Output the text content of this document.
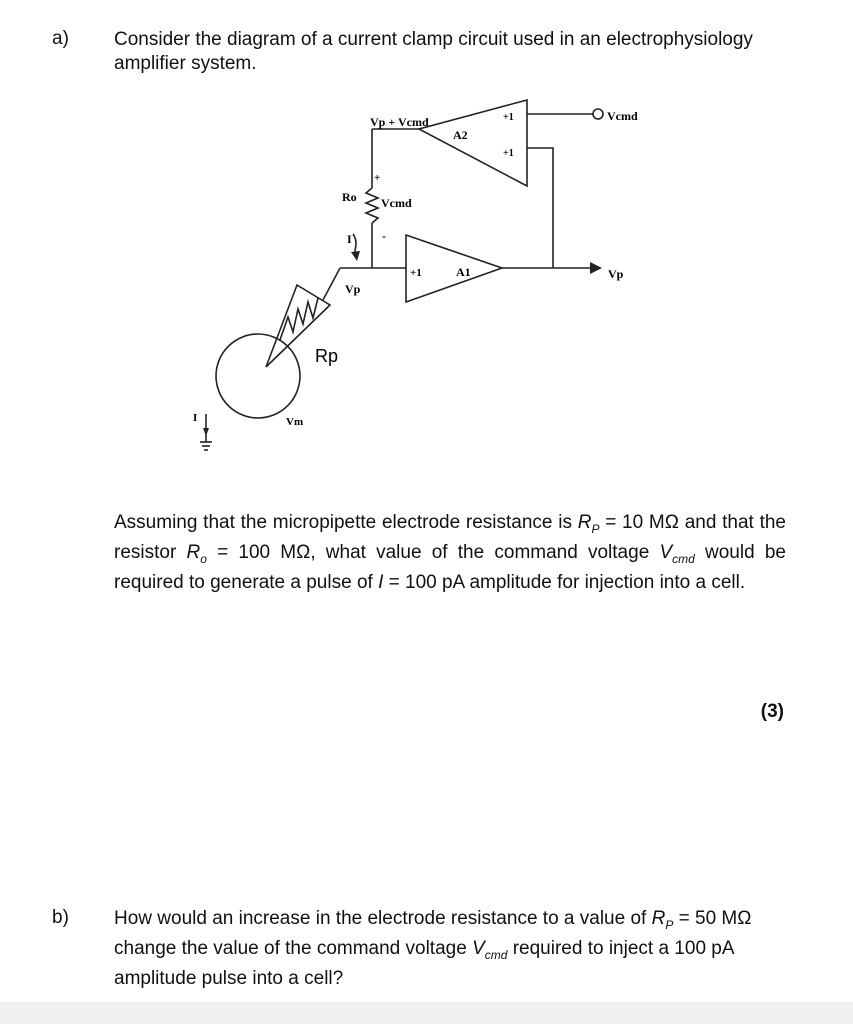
a) Consider the diagram of a current clamp circuit used in an electrophysiology amplifier system.
Vp + Vcmd
A2
+1
+1
Vcmd
+
Vcmd
Ro
I	-
+1	A1	Vp
Vp
Rp
I	Vm
Assuming that the micropipette electrode resistance is $R_P = 10$ MΩ and that the resistor $R_o = 100$ MΩ, what value of the command voltage $V_{cmd}$ would be required to generate a pulse of I = 100 pA amplitude for injection into a cell.
(3)
b) How would an increase in the electrode resistance to a value of $R_P = 50$ MΩ change the value of the command voltage $V_{cmd}$ required to inject a 100 pA amplitude pulse into a cell?
